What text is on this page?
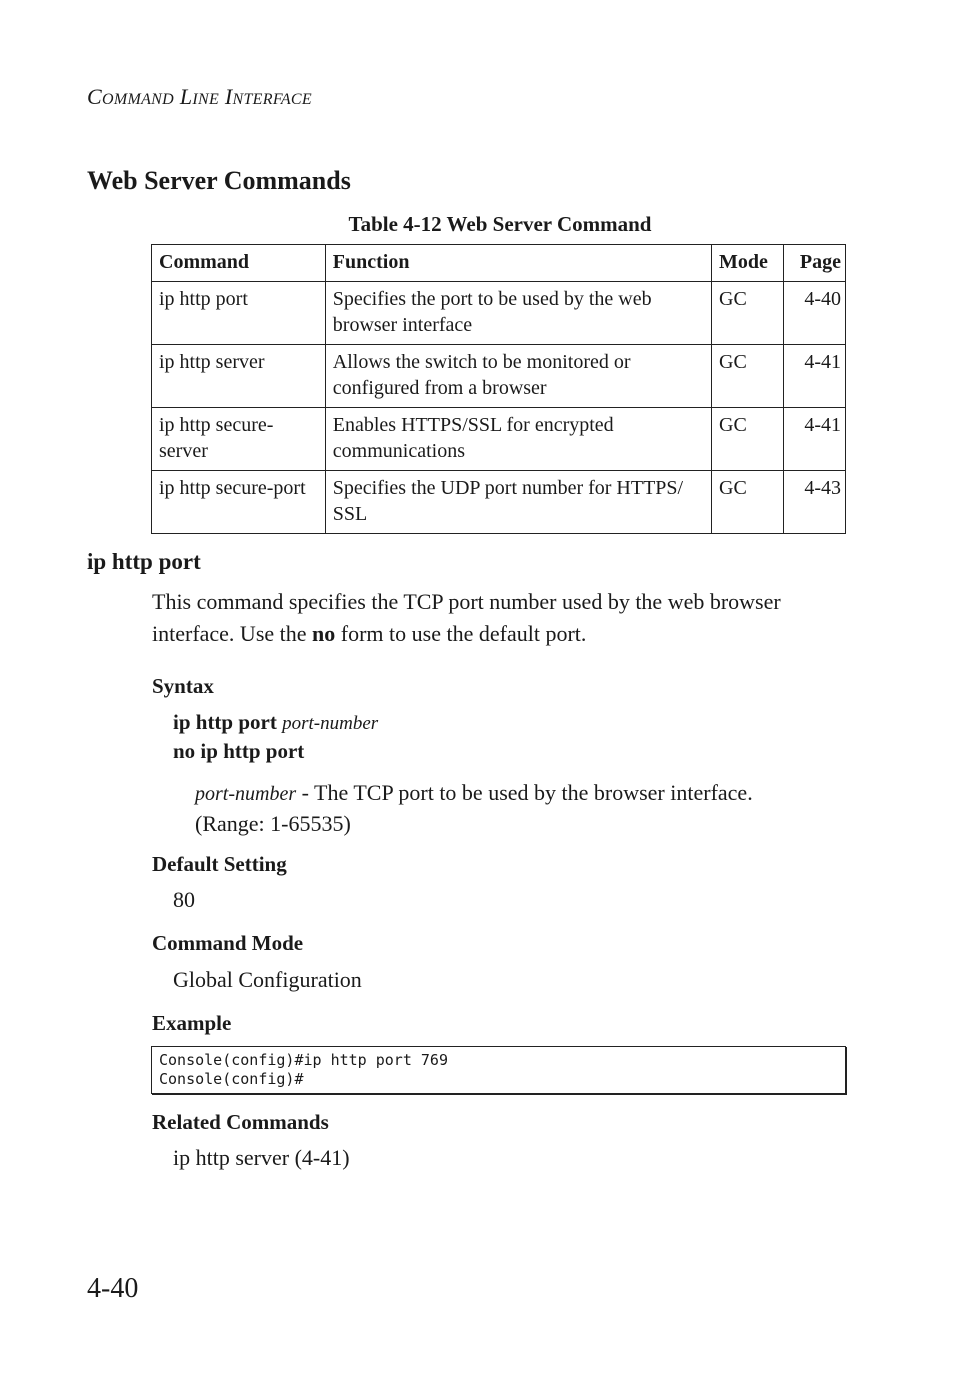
COMMAND LINE INTERFACE
Web Server Commands
Table 4-12 Web Server Command
Command	Function	Mode	Page
ip http port	Specifies the port to be used by the web browser interface	GC	4-40
ip http server	Allows the switch to be monitored or configured from a browser	GC	4-41
ip http secure-server	Enables HTTPS/SSL for encrypted communications	GC	4-41
ip http secure-port	Specifies the UDP port number for HTTPS/ SSL	GC	4-43
ip http port
This command specifies the TCP port number used by the web browser interface. Use the no form to use the default port.
Syntax
ip http port port-number
no ip http port
port-number - The TCP port to be used by the browser interface. (Range: 1-65535)
Default Setting
80
Command Mode
Global Configuration
Example
Console(config)#ip http port 769
Console(config)#
Related Commands
ip http server (4-41)
4-40
